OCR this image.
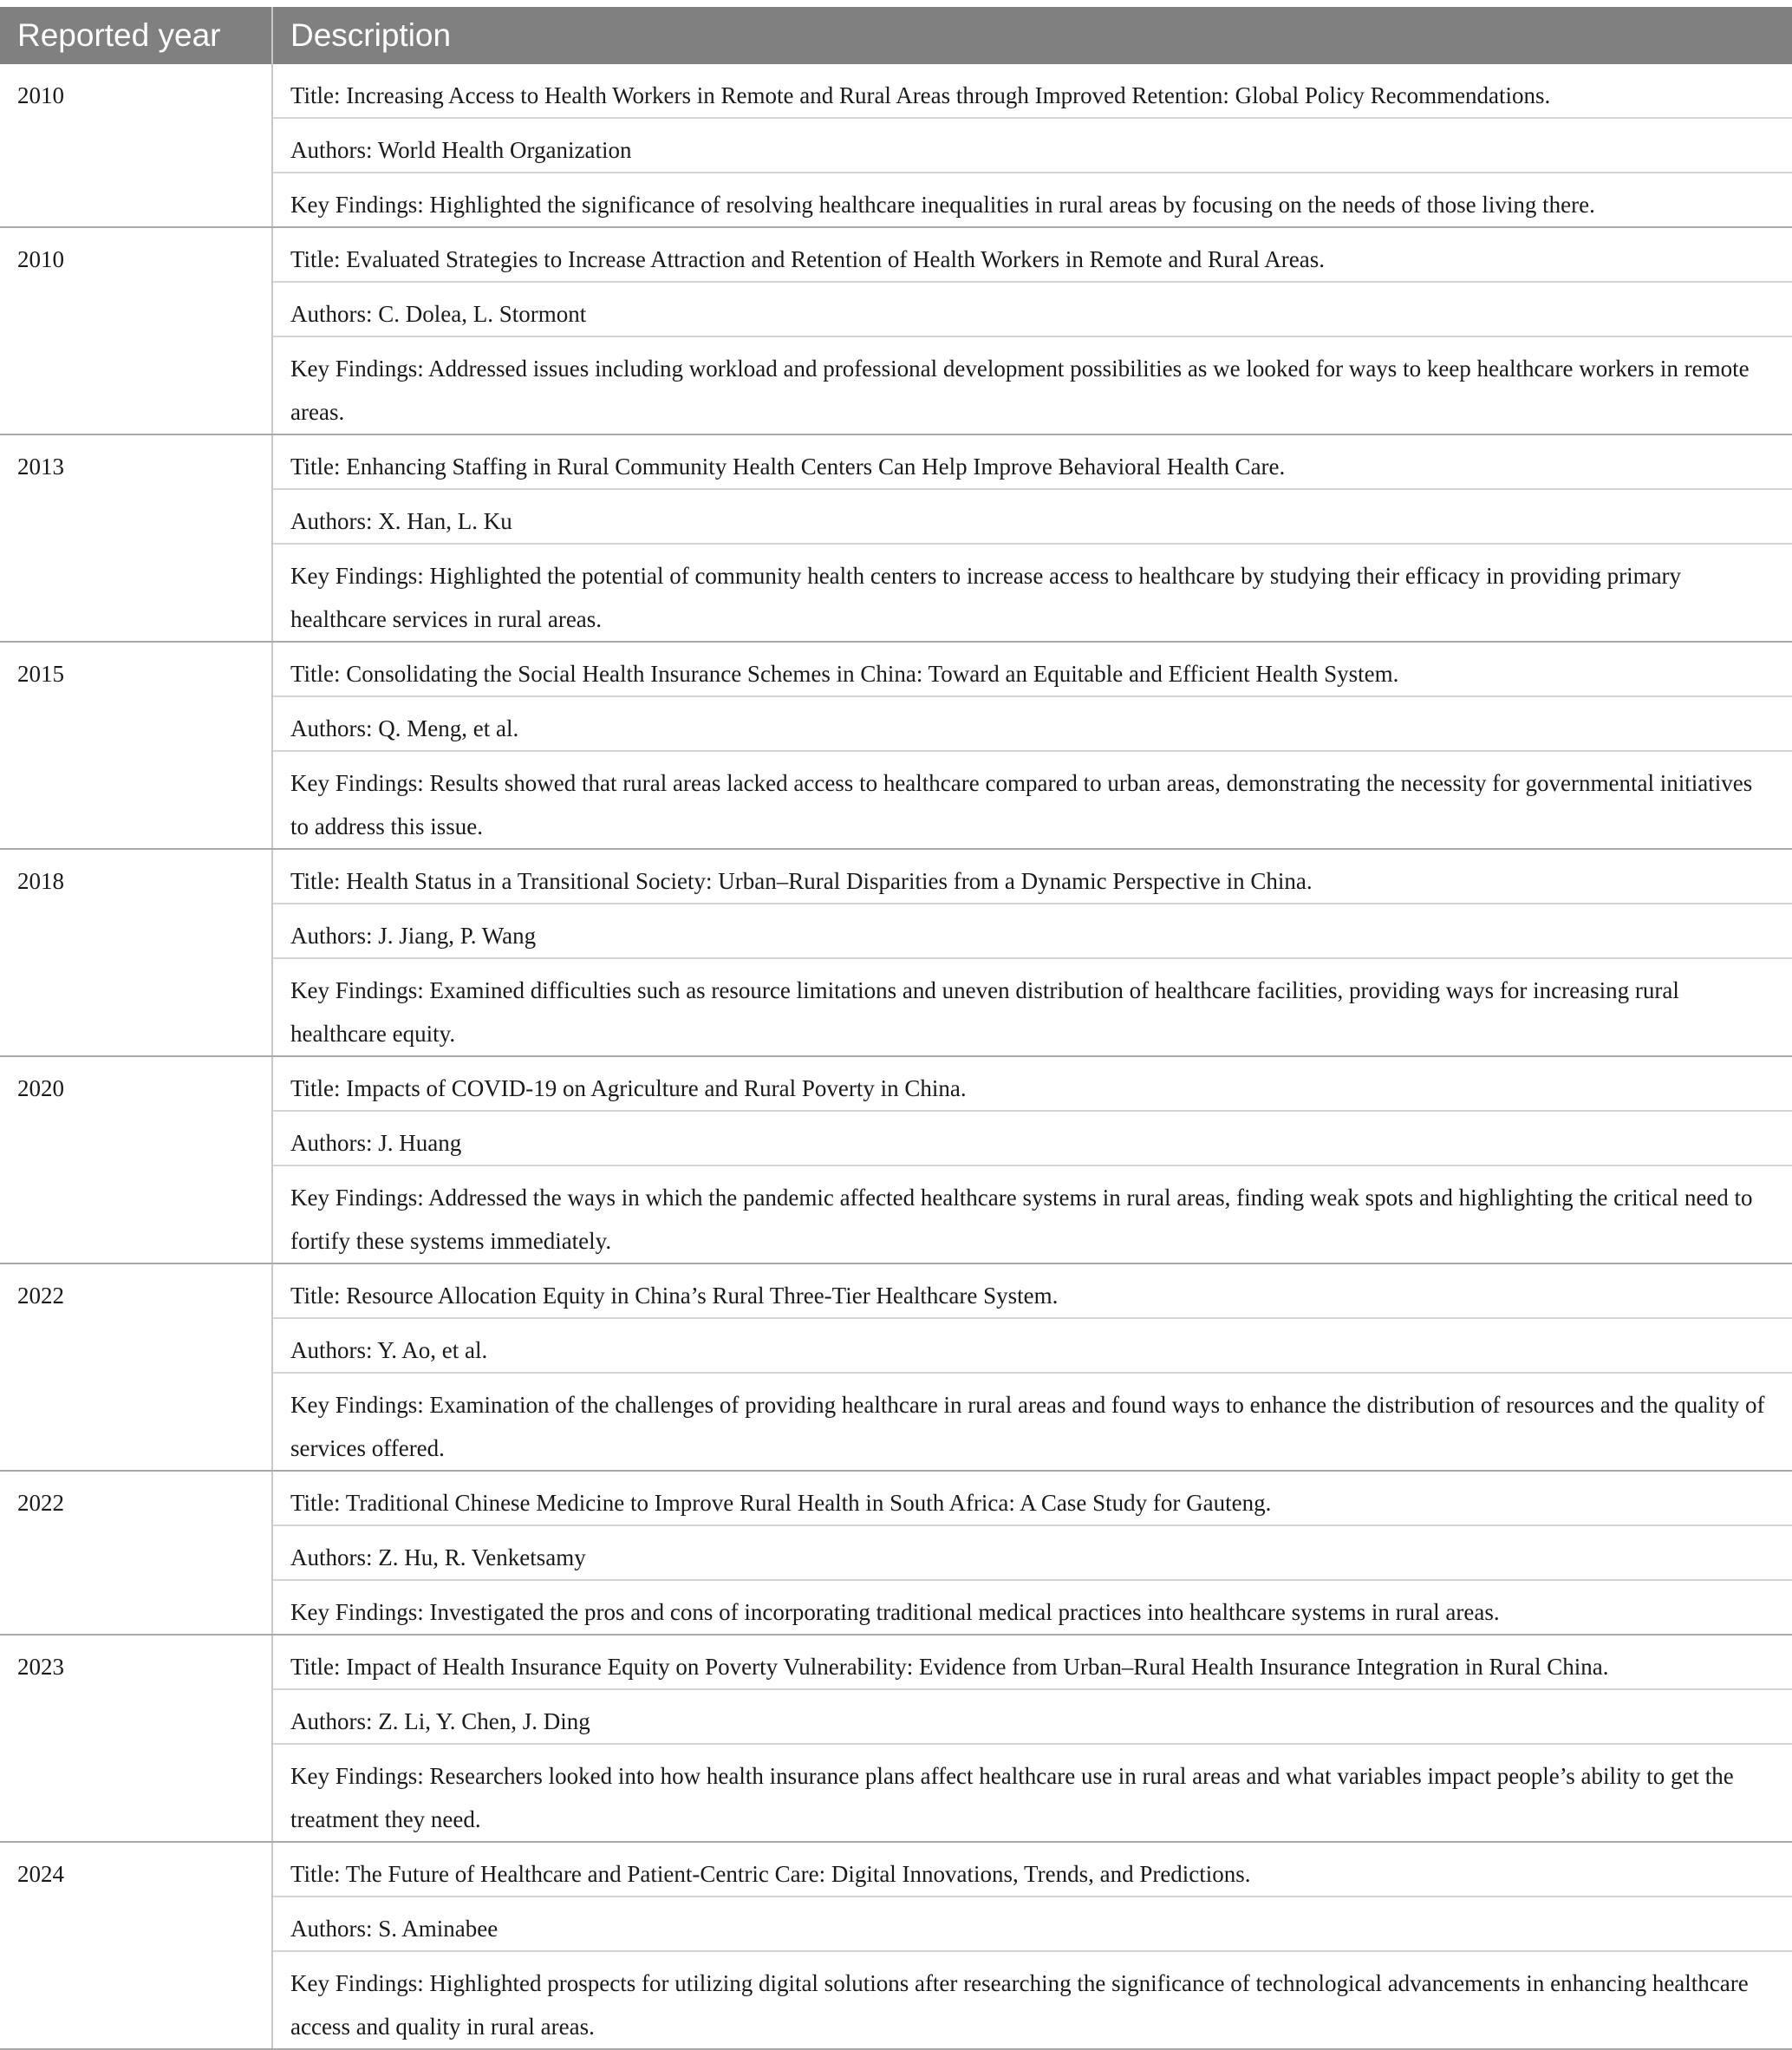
Reported year	Description
2010	Title: Increasing Access to Health Workers in Remote and Rural Areas through Improved Retention: Global Policy Recommendations.
	Authors: World Health Organization
	Key Findings: Highlighted the significance of resolving healthcare inequalities in rural areas by focusing on the needs of those living there.
2010	Title: Evaluated Strategies to Increase Attraction and Retention of Health Workers in Remote and Rural Areas.
	Authors: C. Dolea, L. Stormont
	Key Findings: Addressed issues including workload and professional development possibilities as we looked for ways to keep healthcare workers in remote areas.
2013	Title: Enhancing Staffing in Rural Community Health Centers Can Help Improve Behavioral Health Care.
	Authors: X. Han, L. Ku
	Key Findings: Highlighted the potential of community health centers to increase access to healthcare by studying their efficacy in providing primary healthcare services in rural areas.
2015	Title: Consolidating the Social Health Insurance Schemes in China: Toward an Equitable and Efficient Health System.
	Authors: Q. Meng, et al.
	Key Findings: Results showed that rural areas lacked access to healthcare compared to urban areas, demonstrating the necessity for governmental initiatives to address this issue.
2018	Title: Health Status in a Transitional Society: Urban–Rural Disparities from a Dynamic Perspective in China.
	Authors: J. Jiang, P. Wang
	Key Findings: Examined difficulties such as resource limitations and uneven distribution of healthcare facilities, providing ways for increasing rural healthcare equity.
2020	Title: Impacts of COVID-19 on Agriculture and Rural Poverty in China.
	Authors: J. Huang
	Key Findings: Addressed the ways in which the pandemic affected healthcare systems in rural areas, finding weak spots and highlighting the critical need to fortify these systems immediately.
2022	Title: Resource Allocation Equity in China’s Rural Three-Tier Healthcare System.
	Authors: Y. Ao, et al.
	Key Findings: Examination of the challenges of providing healthcare in rural areas and found ways to enhance the distribution of resources and the quality of services offered.
2022	Title: Traditional Chinese Medicine to Improve Rural Health in South Africa: A Case Study for Gauteng.
	Authors: Z. Hu, R. Venketsamy
	Key Findings: Investigated the pros and cons of incorporating traditional medical practices into healthcare systems in rural areas.
2023	Title: Impact of Health Insurance Equity on Poverty Vulnerability: Evidence from Urban–Rural Health Insurance Integration in Rural China.
	Authors: Z. Li, Y. Chen, J. Ding
	Key Findings: Researchers looked into how health insurance plans affect healthcare use in rural areas and what variables impact people’s ability to get the treatment they need.
2024	Title: The Future of Healthcare and Patient-Centric Care: Digital Innovations, Trends, and Predictions.
	Authors: S. Aminabee
	Key Findings: Highlighted prospects for utilizing digital solutions after researching the significance of technological advancements in enhancing healthcare access and quality in rural areas.
